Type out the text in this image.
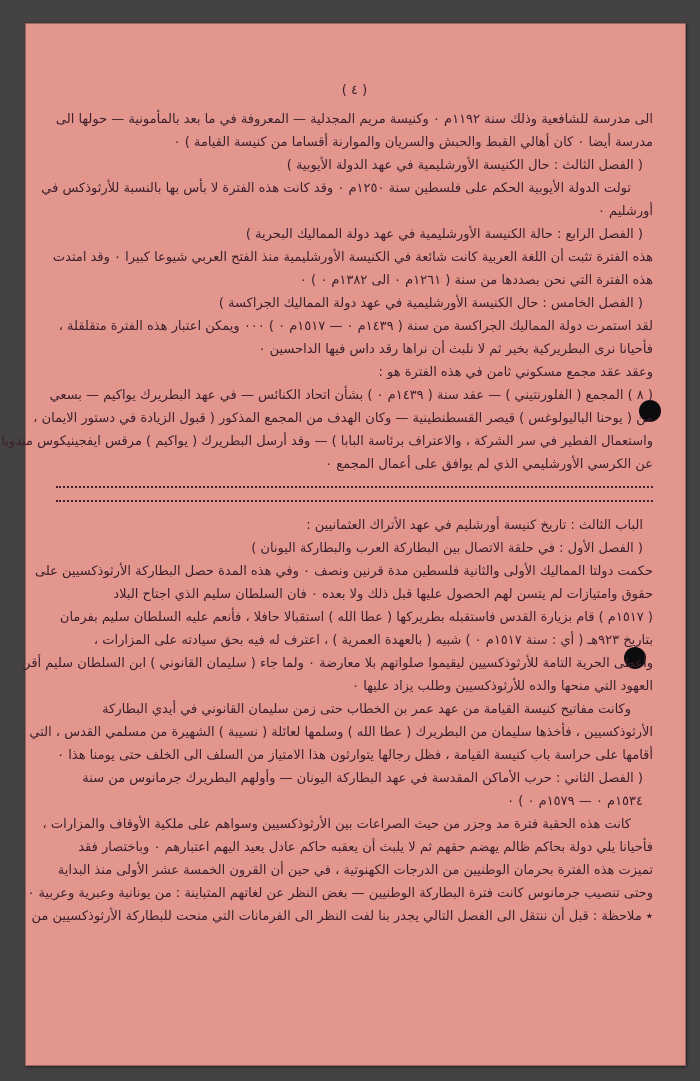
( ٤ )
الى مدرسة للشافعية وذلك سنة ١١٩٢م ٠ وكنيسة مريم المجدلية — المعروفة في ما بعد بالمأمونية — حولها الى
مدرسة أيضا ٠ كان أهالي القبط والحبش والسريان والموارنة أقساما من كنيسة القيامة ) ٠
( الفصل الثالث : حال الكنيسة الأورشليمية في عهد الدولة الأيوبية )
تولت الدولة الأيوبية الحكم على فلسطين سنة ١٢٥٠م ٠ وقد كانت هذه الفترة لا بأس بها بالنسبة للأرثوذكس في
أورشليم ٠
( الفصل الرابع : حالة الكنيسة الأورشليمية في عهد دولة المماليك البحرية )
هذه الفترة تثبت أن اللغة العربية كانت شائعة في الكنيسة الأورشليمية منذ الفتح العربي شيوعا كبيرا ٠ وقد امتدت
هذه الفترة التي نحن بصددها من سنة ( ١٢٦١م ٠ الى ١٣٨٢م ٠ ) ٠
( الفصل الخامس : حال الكنيسة الأورشليمية في عهد دولة المماليك الجراكسة )
لقد استمرت دولة المماليك الجراكسة من سنة ( ١٤٣٩م ٠ — ١٥١٧م ٠ ) ٠٠٠ ويمكن اعتبار هذه الفترة متقلقلة ،
فأحيانا نرى البطريركية بخير ثم لا نلبث أن نراها رقد داس فيها الداحسين ٠
وعقد عقد مجمع مسكوني ثامن في هذه الفترة هو :
( ٨ ) المجمع ( الفلورنتيني ) — عقد سنة ( ١٤٣٩م ٠ ) بشأن اتحاد الكنائس — في عهد البطريرك يواكيم — بسعي
من ( يوحنا الباليولوغس ) قيصر القسطنطينية — وكان الهدف من المجمع المذكور ( قبول الزيادة في دستور الايمان ،
واستعمال الفطير في سر الشركة ، والاعتراف برئاسة البابا ) — وقد أرسل البطريرك ( يواكيم ) مرقس ايفجينيكوس مندوبا
عن الكرسي الأورشليمي الذي لم يوافق على أعمال المجمع ٠
الباب الثالث : تاريخ كنيسة أورشليم في عهد الأتراك العثمانيين :
( الفصل الأول : في حلقة الاتصال بين البطاركة العرب والبطاركة اليونان )
حكمت دولتا المماليك الأولى والثانية فلسطين مدة قرنين ونصف ٠ وفي هذه المدة حصل البطاركة الأرثوذكسيين على
حقوق وامتيازات لم يتسن لهم الحصول عليها قبل ذلك ولا بعده ٠ فان السلطان سليم الذي اجتاح البلاد
( ١٥١٧م ) قام بزيارة القدس فاستقبله بطريركها ( عطا الله ) استقبالا حافلا ، فأنعم عليه السلطان سليم بفرمان
بتاريخ ٩٢٣هـ ( أي : سنة ١٥١٧م ٠ ) شبيه ( بالعهدة العمرية ) ، اعترف له فيه بحق سيادته على المزارات ،
وأعطى الحرية التامة للأرثوذكسيين ليقيموا صلواتهم بلا معارضة ٠ ولما جاء ( سليمان القانوني ) ابن السلطان سليم أقر
العهود التي منحها والده للأرثوذكسيين وطلب يزاد عليها ٠
وكانت مفاتيح كنيسة القيامة من عهد عمر بن الخطاب حتى زمن سليمان القانوني في أيدي البطاركة
الأرثوذكسيين ، فأخذها سليمان من البطريرك ( عطا الله ) وسلمها لعائلة ( نسيبة ) الشهيرة من مسلمي القدس ، التي
أقامها على حراسة باب كنيسة القيامة ، فظل رجالها يتوارثون هذا الامتياز من السلف الى الخلف حتى يومنا هذا ٠
( الفصل الثاني : حرب الأماكن المقدسة في عهد البطاركة اليونان — وأولهم البطريرك جرمانوس من سنة
١٥٣٤م ٠ — ١٥٧٩م ٠ ) ٠
كانت هذه الحقبة فترة مد وجزر من حيث الصراعات بين الأرثوذكسيين وسواهم على ملكية الأوقاف والمزارات ،
فأحيانا يلي دولة بحاكم ظالم يهضم حقهم ثم لا يلبث أن يعقبه حاكم عادل يعيد اليهم اعتبارهم ٠ وباختصار فقد
تميزت هذه الفترة بحرمان الوطنيين من الدرجات الكهنوتية ، في حين أن القرون الخمسة عشر الأولى منذ البداية
وحتى تنصيب جرمانوس كانت فترة البطاركة الوطنيين — بغض النظر عن لغاتهم المتباينة : من يونانية وعبرية وعربية ٠
٭ ملاحظة : قبل أن ننتقل الى الفصل التالي يجدر بنا لفت النظر الى الفرمانات التي منحت للبطاركة الأرثوذكسيين من
